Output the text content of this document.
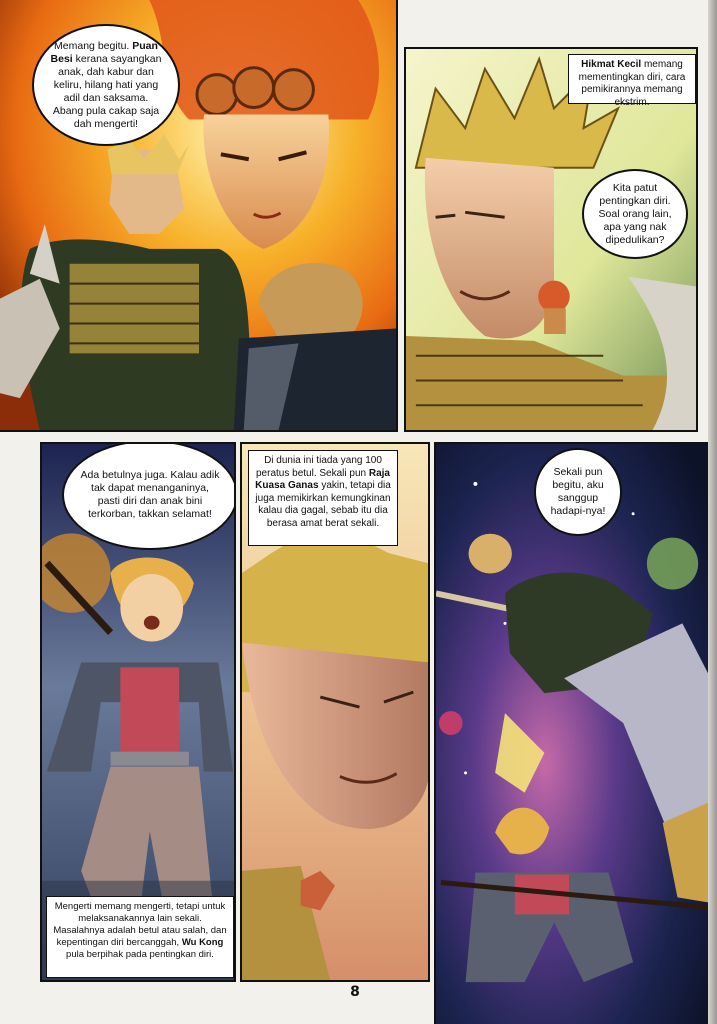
Memang begitu. Puan Besi kerana sayangkan anak, dah kabur dan keliru, hilang hati yang adil dan saksama. Abang pula cakap saja dah mengerti!
Hikmat Kecil memang mementingkan diri, cara pemikirannya memang ekstrim.
Kita patut pentingkan diri. Soal orang lain, apa yang nak dipedulikan?
Ada betulnya juga. Kalau adik tak dapat menanganinya, pasti diri dan anak bini terkorban, takkan selamat!
Mengerti memang mengerti, tetapi untuk melaksanakannya lain sekali. Masalahnya adalah betul atau salah, dan kepentingan diri bercanggah, Wu Kong pula berpihak pada pentingkan diri.
Di dunia ini tiada yang 100 peratus betul. Sekali pun Raja Kuasa Ganas yakin, tetapi dia juga memikirkan kemungkinan kalau dia gagal, sebab itu dia berasa amat berat sekali.
Sekali pun begitu, aku sanggup hadapi-nya!
8
